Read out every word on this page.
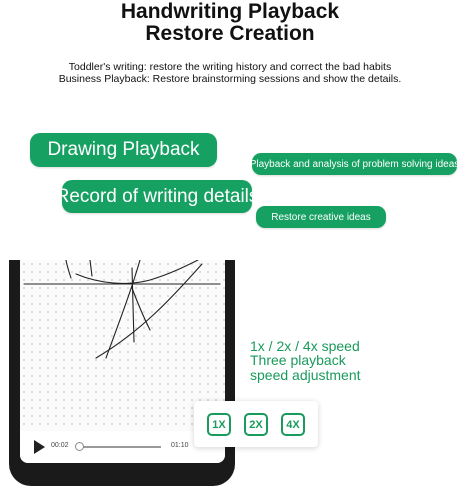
Handwriting Playback
Restore Creation
Toddler's writing: restore the writing history and correct the bad habits
Business Playback: Restore brainstorming sessions and show the details.
Drawing Playback
Playback and analysis of problem solving ideas
Record of writing details
Restore creative ideas
00:02	01:10
1x / 2x / 4x speed
Three playback
speed adjustment
1X	2X	4X
